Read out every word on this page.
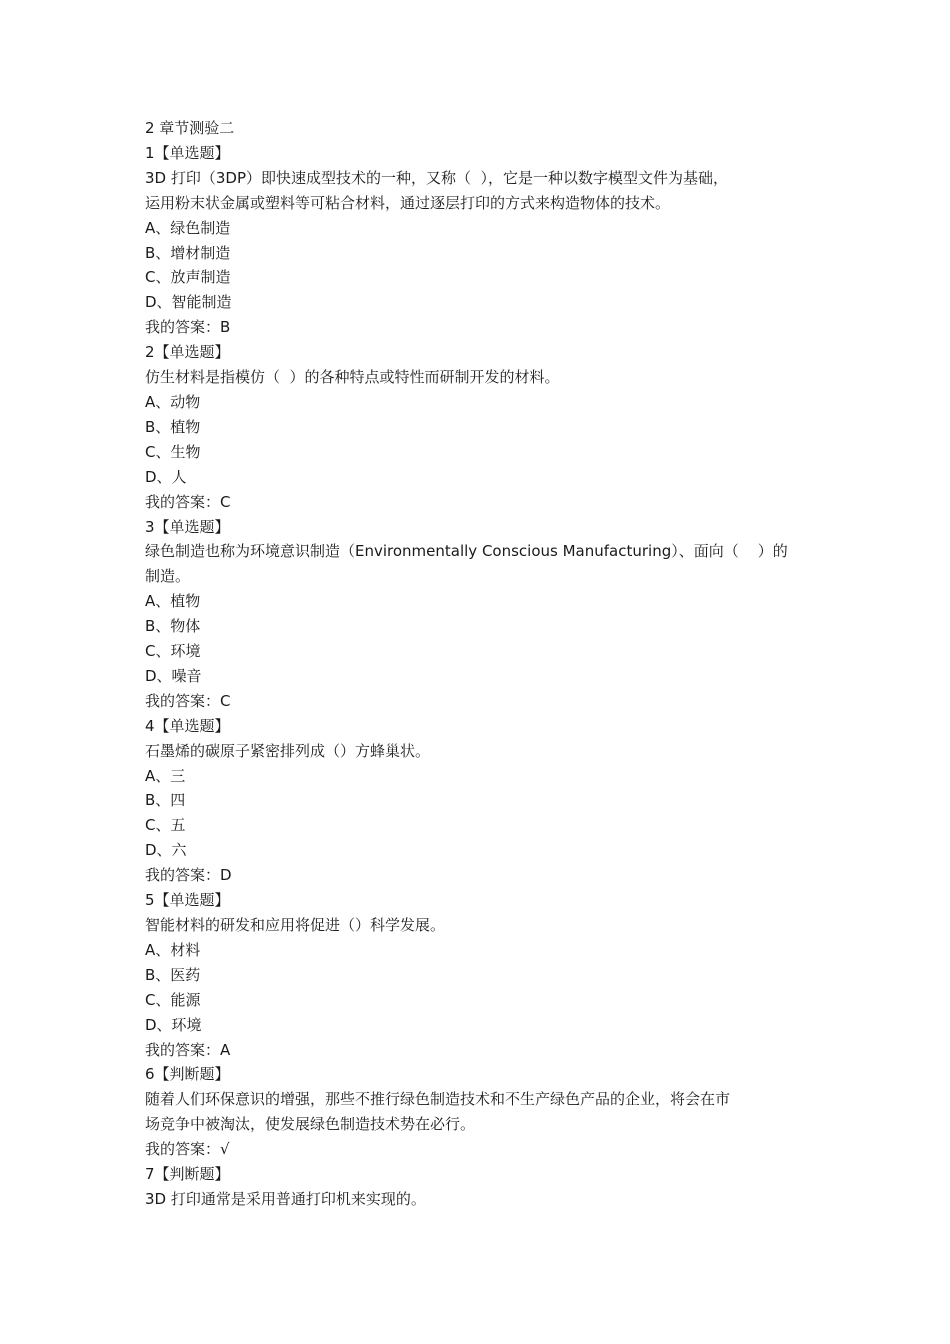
2 章节测验二
1【单选题】
3D 打印（3DP）即快速成型技术的一种，又称（  ），它是一种以数字模型文件为基础，
运用粉末状金属或塑料等可粘合材料，通过逐层打印的方式来构造物体的技术。
A、绿色制造
B、增材制造
C、放声制造
D、智能制造
我的答案：B
2【单选题】
仿生材料是指模仿（  ）的各种特点或特性而研制开发的材料。
A、动物
B、植物
C、生物
D、人
我的答案：C
3【单选题】
绿色制造也称为环境意识制造（Environmentally Conscious Manufacturing）、面向（    ）的
制造。
A、植物
B、物体
C、环境
D、噪音
我的答案：C
4【单选题】
石墨烯的碳原子紧密排列成（）方蜂巢状。
A、三
B、四
C、五
D、六
我的答案：D
5【单选题】
智能材料的研发和应用将促进（）科学发展。
A、材料
B、医药
C、能源
D、环境
我的答案：A
6【判断题】
随着人们环保意识的增强，那些不推行绿色制造技术和不生产绿色产品的企业，将会在市
场竞争中被淘汰，使发展绿色制造技术势在必行。
我的答案：√
7【判断题】
3D 打印通常是采用普通打印机来实现的。
